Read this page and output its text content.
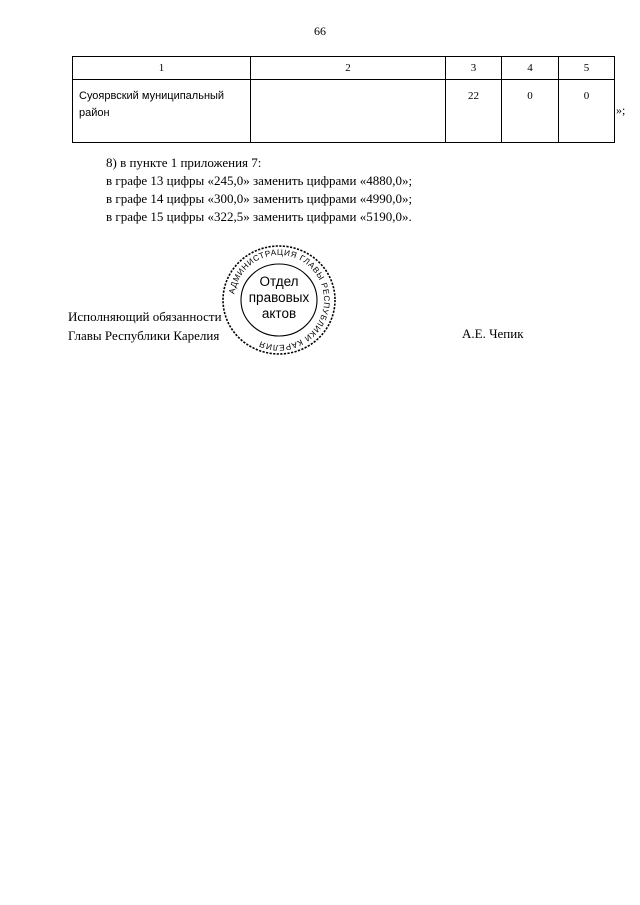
66
1	2	3	4	5
Суоярвский муниципальный район		22	0	0
»;
8) в пункте 1 приложения 7:
в графе 13 цифры «245,0» заменить цифрами «4880,0»;
в графе 14 цифры «300,0» заменить цифрами «4990,0»;
в графе 15 цифры «322,5» заменить цифрами «5190,0».
Исполняющий обязанности
Главы Республики Карелия	А.Е. Чепик
АДМИНИСТРАЦИЯ ГЛАВЫ РЕСПУБЛИКИ КАРЕЛИЯ
Отдел
правовых
актов
